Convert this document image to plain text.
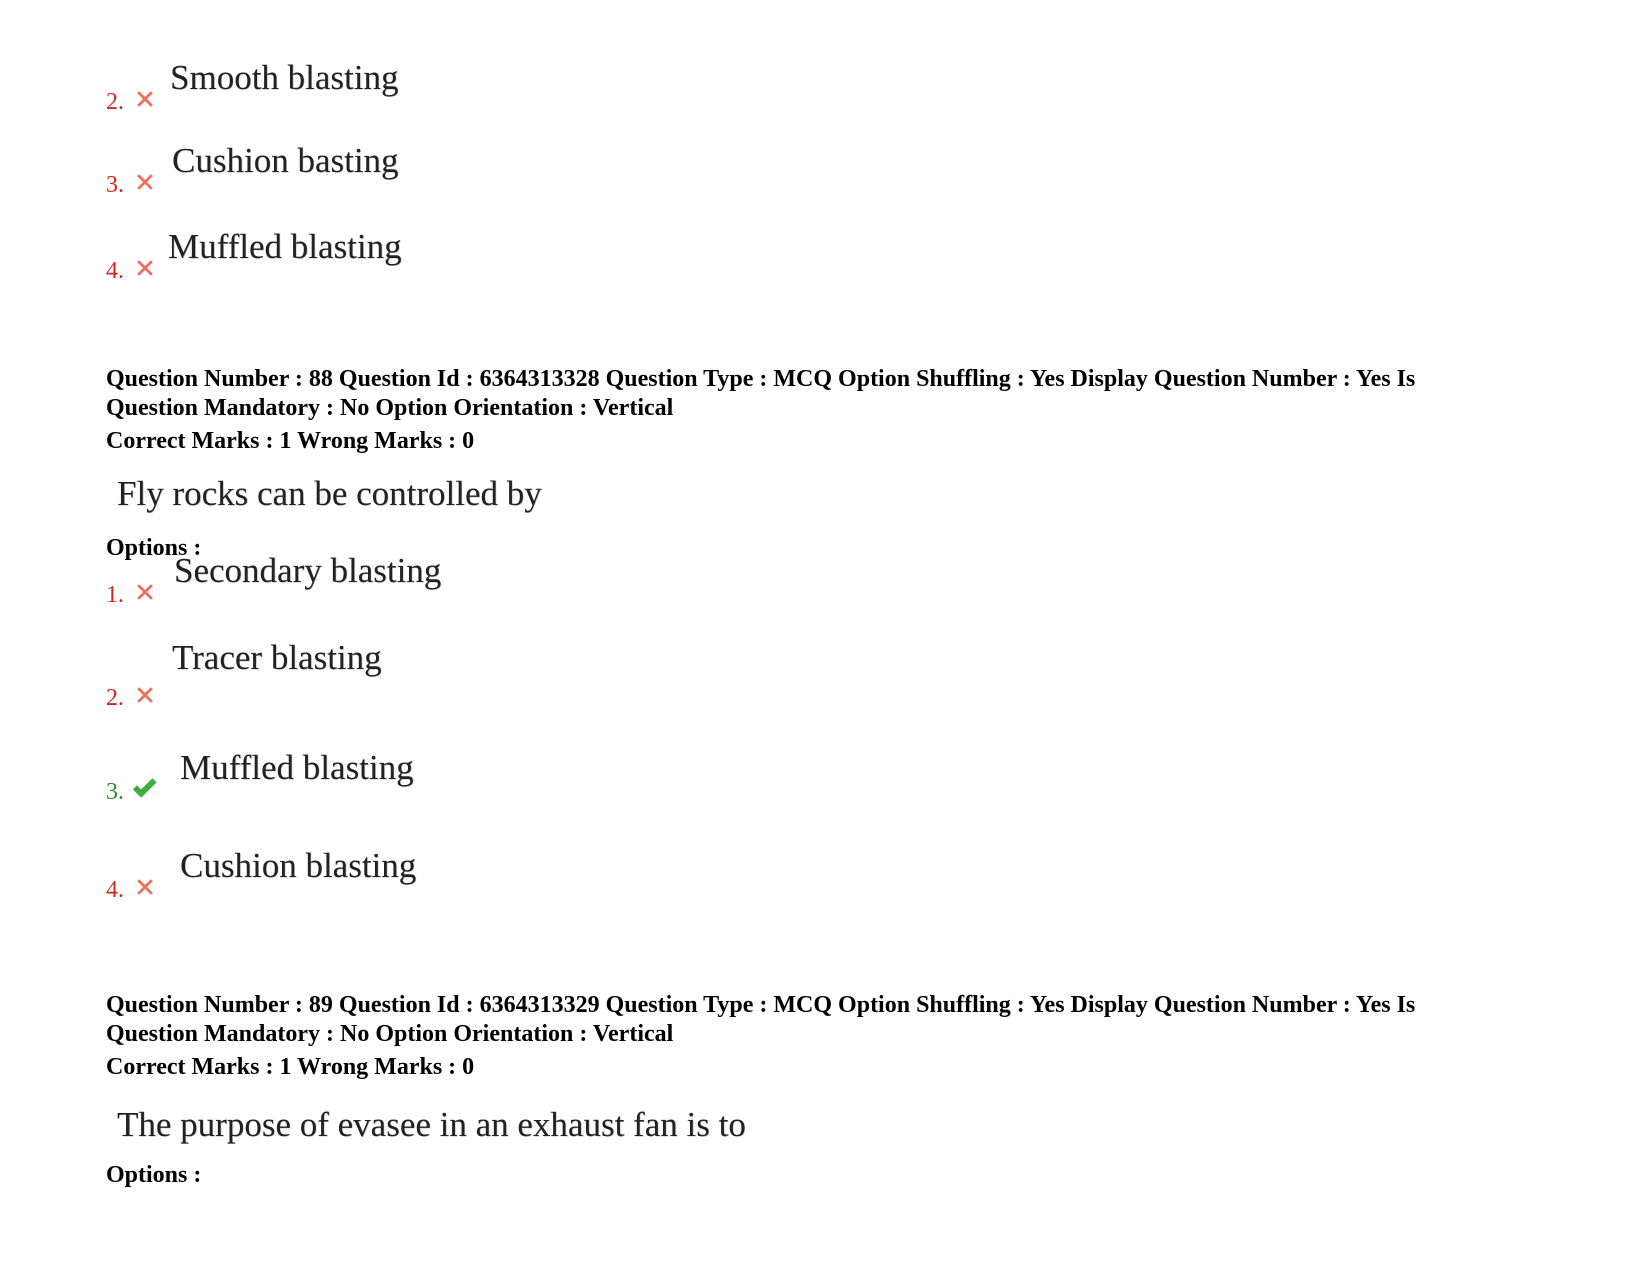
2.
Smooth blasting
3.
Cushion basting
4.
Muffled blasting
Question Number : 88 Question Id : 6364313328 Question Type : MCQ Option Shuffling : Yes Display Question Number : Yes Is
Question Mandatory : No Option Orientation : Vertical
Correct Marks : 1 Wrong Marks : 0
Fly rocks can be controlled by
Options :
1.
Secondary blasting
2.
Tracer blasting
3.
Muffled blasting
4.
Cushion blasting
Question Number : 89 Question Id : 6364313329 Question Type : MCQ Option Shuffling : Yes Display Question Number : Yes Is
Question Mandatory : No Option Orientation : Vertical
Correct Marks : 1 Wrong Marks : 0
The purpose of evasee in an exhaust fan is to
Options :
